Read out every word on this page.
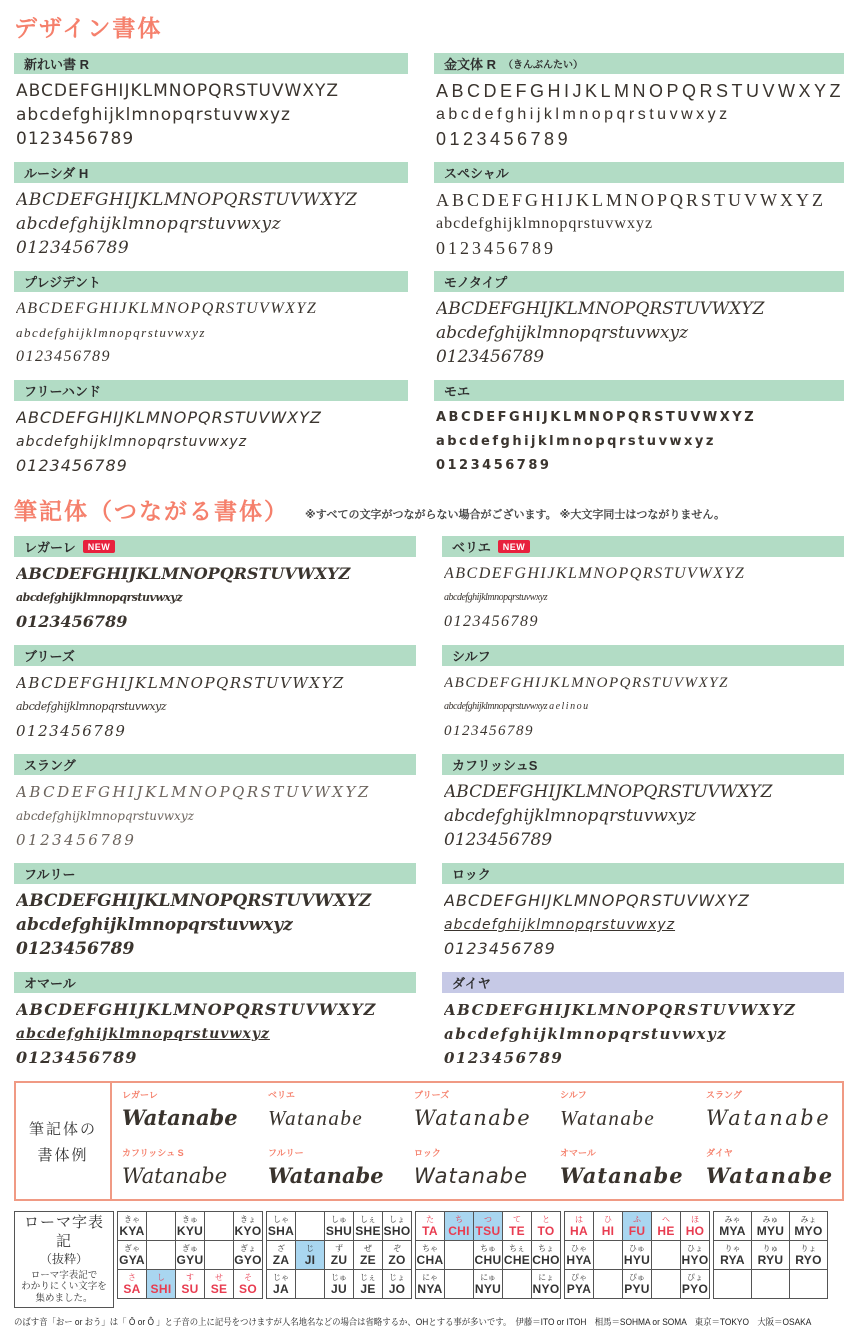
デザイン書体
新れい書 R
ABCDEFGHIJKLMNOPQRSTUVWXYZ
abcdefghijklmnopqrstuvwxyz
0123456789
金文体 R （きんぶんたい）
ABCDEFGHIJKLMNOPQRSTUVWXYZ
abcdefghijklmnopqrstuvwxyz
0123456789
ルーシダ H
ABCDEFGHIJKLMNOPQRSTUVWXYZ
abcdefghijklmnopqrstuvwxyz
0123456789
スペシャル
ABCDEFGHIJKLMNOPQRSTUVWXYZ
abcdefghijklmnopqrstuvwxyz
0123456789
プレジデント
ABCDEFGHIJKLMNOPQRSTUVWXYZ
abcdefghijklmnopqrstuvwxyz
0123456789
モノタイプ
ABCDEFGHIJKLMNOPQRSTUVWXYZ
abcdefghijklmnopqrstuvwxyz
0123456789
フリーハンド
ABCDEFGHIJKLMNOPQRSTUVWXYZ
abcdefghijklmnopqrstuvwxyz
0123456789
モエ
ABCDEFGHIJKLMNOPQRSTUVWXYZ
abcdefghijklmnopqrstuvwxyz
0123456789
筆記体（つながる書体） ※すべての文字がつながらない場合がございます。 ※大文字同士はつながりません。
レガーレ	NEW
ABCDEFGHIJKLMNOPQRSTUVWXYZ
abcdefghijklmnopqrstuvwxyz
0123456789
ベリエ	NEW
ABCDEFGHIJKLMNOPQRSTUVWXYZ
abcdefghijklmnopqrstuvwxyz
0123456789
ブリーズ
ABCDEFGHIJKLMNOPQRSTUVWXYZ
abcdefghijklmnopqrstuvwxyz
0123456789
シルフ
ABCDEFGHIJKLMNOPQRSTUVWXYZ
abcdefghijklmnopqrstuvwxyz a e l i n o u
0123456789
スラング
ABCDEFGHIJKLMNOPQRSTUVWXYZ
abcdefghijklmnopqrstuvwxyz
0123456789
カフリッシュS
ABCDEFGHIJKLMNOPQRSTUVWXYZ
abcdefghijklmnopqrstuvwxyz
0123456789
フルリー
ABCDEFGHIJKLMNOPQRSTUVWXYZ
abcdefghijklmnopqrstuvwxyz
0123456789
ロック
ABCDEFGHIJKLMNOPQRSTUVWXYZ
abcdefghijklmnopqrstuvwxyz
0123456789
オマール
ABCDEFGHIJKLMNOPQRSTUVWXYZ
abcdefghijklmnopqrstuvwxyz
0123456789
ダイヤ
ABCDEFGHIJKLMNOPQRSTUVWXYZ
abcdefghijklmnopqrstuvwxyz
0123456789
筆記体の
書体例
レガーレ
Watanabe
ベリエ
Watanabe
ブリーズ
Watanabe
シルフ
Watanabe
スラング
Watanabe
カフリッシュ S
Watanabe
フルリー
Watanabe
ロック
Watanabe
オマール
Watanabe
ダイヤ
Watanabe
ローマ字表記
（抜粋）
ローマ字表記で
わかりにくい文字を
集めました。
きゃ
KYA
きゅ
KYU
きょ
KYO
ぎゃ
GYA
ぎゅ
GYU
ぎょ
GYO
さ
SA
し
SHI
す
SU
せ
SE
そ
SO
しゃ
SHA
しゅ
SHU
しぇ
SHE
しょ
SHO
ざ
ZA
じ
JI
ず
ZU
ぜ
ZE
ぞ
ZO
じゃ
JA
じゅ
JU
じぇ
JE
じょ
JO
た
TA
ち
CHI
つ
TSU
て
TE
と
TO
ちゃ
CHA
ちゅ
CHU
ちぇ
CHE
ちょ
CHO
にゃ
NYA
にゅ
NYU
にょ
NYO
は
HA
ひ
HI
ふ
FU
へ
HE
ほ
HO
ひゃ
HYA
ひゅ
HYU
ひょ
HYO
ぴゃ
PYA
ぴゅ
PYU
ぴょ
PYO
みゃ
MYA
みゅ
MYU
みょ
MYO
りゃ
RYA
りゅ
RYU
りょ
RYO
のばす音「おー or おう」は「 Ō or Ô 」と子音の上に記号をつけますが人名地名などの場合は省略するか、OHとする事が多いです。　伊藤＝ITO or ITOH　相馬＝SOHMA or SOMA　東京＝TOKYO　大阪＝OSAKA
